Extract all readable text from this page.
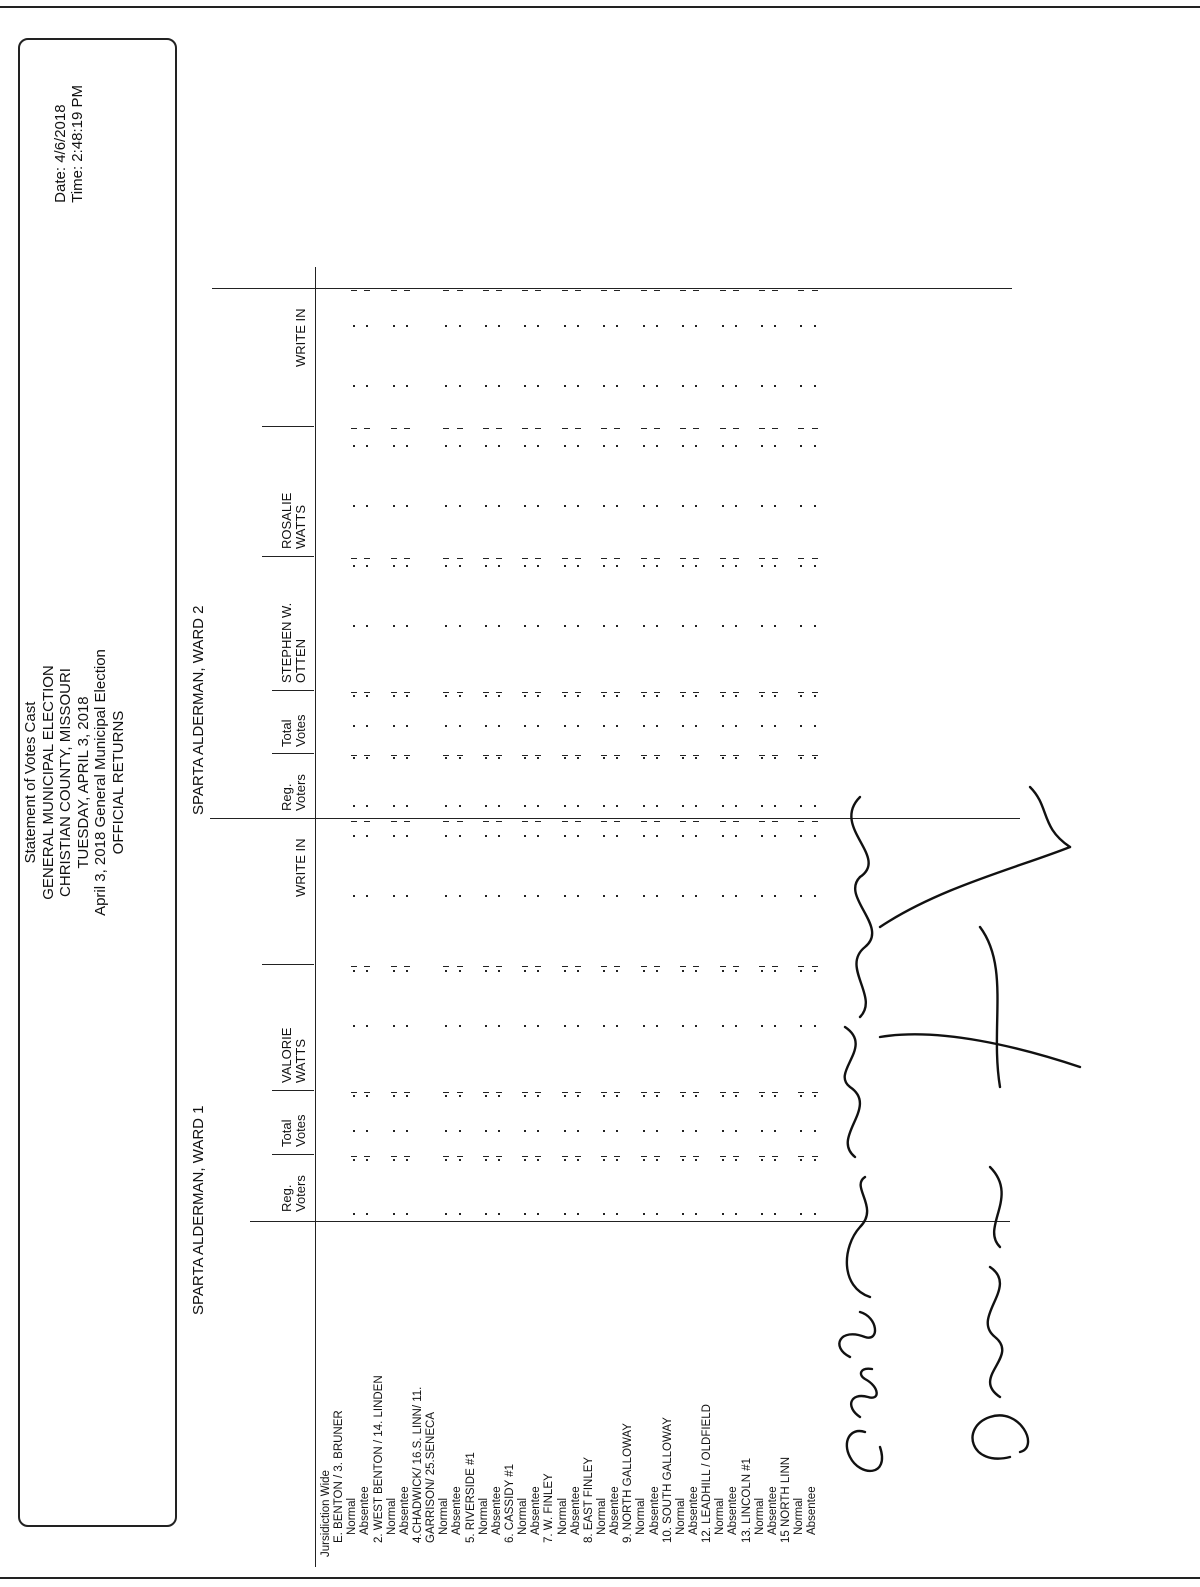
Statement of Votes Cast GENERAL MUNICIPAL ELECTION CHRISTIAN COUNTY, MISSOURI TUESDAY, APRIL 3, 2018 April 3, 2018 General Municipal Election OFFICIAL RETURNS
Date: 4/6/2018 Time: 2:48:19 PM
SPARTA ALDERMAN, WARD 1
SPARTA ALDERMAN, WARD 2
Reg. Voters
Total Votes
VALORIE WATTS

WRITE IN
Reg. Voters
Total Votes
STEPHEN W. OTTEN
ROSALIE WATTS

WRITE IN
Jursidiction Wide E. BENTON / 3. BRUNER Normal Absentee 2. WEST BENTON / 14. LINDEN Normal Absentee 4.CHADWICK/ 16.S. LINN/ 11. GARRISON/ 25.SENECA Normal Absentee 5. RIVERSIDE #1 Normal Absentee 6. CASSIDY #1 Normal Absentee 7. W. FINLEY Normal Absentee 8. EAST FINLEY Normal Absentee 9. NORTH GALLOWAY Normal Absentee 10. SOUTH GALLOWAY Normal Absentee 12. LEADHILL / OLDFIELD Normal Absentee 13. LINCOLN #1 Normal Absentee 15 NORTH LINN Normal Absentee
